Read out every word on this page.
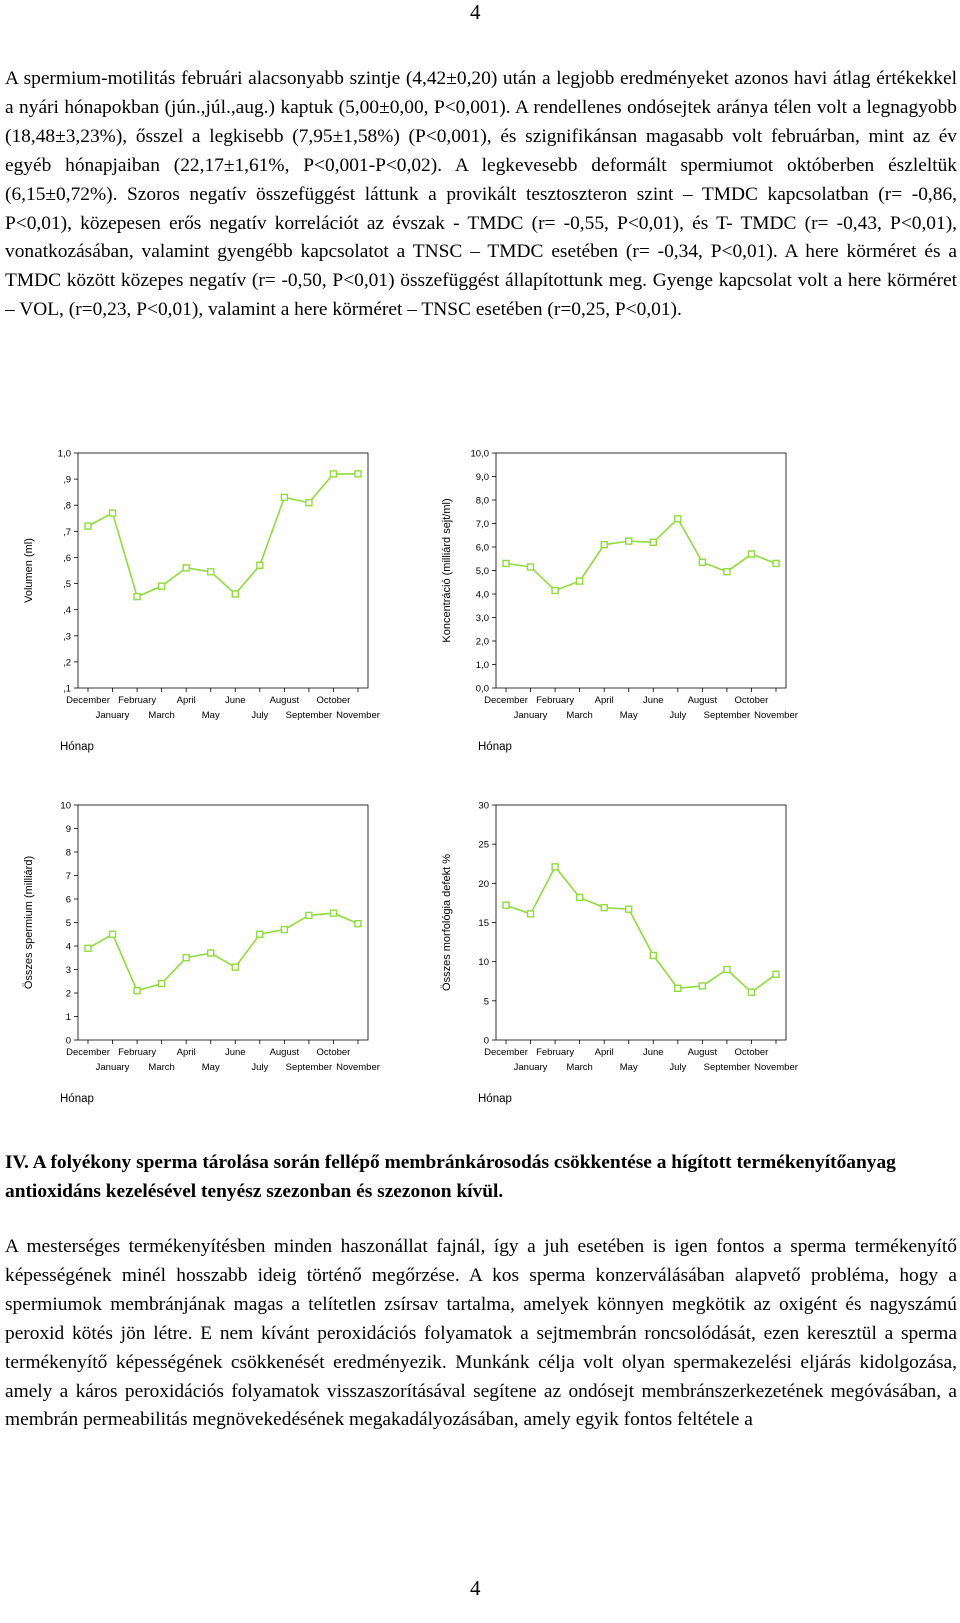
4

A spermium-motilitás februári alacsonyabb szintje (4,42±0,20) után a legjobb eredményeket azonos havi átlag értékekkel a nyári hónapokban (jún.,júl.,aug.) kaptuk (5,00±0,00, P<0,001). A rendellenes ondósejtek aránya télen volt a legnagyobb (18,48±3,23%), ősszel a legkisebb (7,95±1,58%) (P<0,001), és szignifikánsan magasabb volt februárban, mint az év egyéb hónapjaiban (22,17±1,61%, P<0,001-P<0,02). A legkevesebb deformált spermiumot októberben észleltük (6,15±0,72%). Szoros negatív összefüggést láttunk a provikált tesztoszteron szint – TMDC kapcsolatban (r= -0,86, P<0,01), közepesen erős negatív korrelációt az évszak - TMDC (r= -0,55, P<0,01), és T- TMDC (r= -0,43, P<0,01), vonatkozásában, valamint gyengébb kapcsolatot a TNSC – TMDC esetében (r= -0,34, P<0,01). A here körméret és a TMDC között közepes negatív (r= -0,50, P<0,01) összefüggést állapítottunk meg. Gyenge kapcsolat volt a here körméret – VOL, (r=0,23, P<0,01), valamint a here körméret – TNSC esetében (r=0,25, P<0,01).

1,0
,9
,8
,7
,6
,5
,4
,3
,2
,1
December
January
February
March
April
May
June
July
August
September
October
November
Volumen (ml)
Hónap
10,0
9,0
8,0
7,0
6,0
5,0
4,0
3,0
2,0
1,0
0,0
December
January
February
March
April
May
June
July
August
September
October
November
Koncentráció (milliárd sejt/ml)
Hónap
10
9
8
7
6
5
4
3
2
1
0
December
January
February
March
April
May
June
July
August
September
October
November
Összes spermium (milliárd)
Hónap
30
25
20
15
10
5
0
December
January
February
March
April
May
June
July
August
September
October
November
Összes morfológia defekt %
Hónap
IV. A folyékony sperma tárolása során fellépő membránkárosodás csökkentése a hígított termékenyítőanyag antioxidáns kezelésével tenyész szezonban és szezonon kívül.

A mesterséges termékenyítésben minden haszonállat fajnál, így a juh esetében is igen fontos a sperma termékenyítő képességének minél hosszabb ideig történő megőrzése. A kos sperma konzerválásában alapvető probléma, hogy a spermiumok membránjának magas a telítetlen zsírsav tartalma, amelyek könnyen megkötik az oxigént és nagyszámú peroxid kötés jön létre. E nem kívánt peroxidációs folyamatok a sejtmembrán roncsolódását, ezen keresztül a sperma termékenyítő képességének csökkenését eredményezik. Munkánk célja volt olyan spermakezelési eljárás kidolgozása, amely a káros peroxidációs folyamatok visszaszorításával segítene az ondósejt membránszerkezetének megóvásában, a membrán permeabilitás megnövekedésének megakadályozásában, amely egyik fontos feltétele a

4
